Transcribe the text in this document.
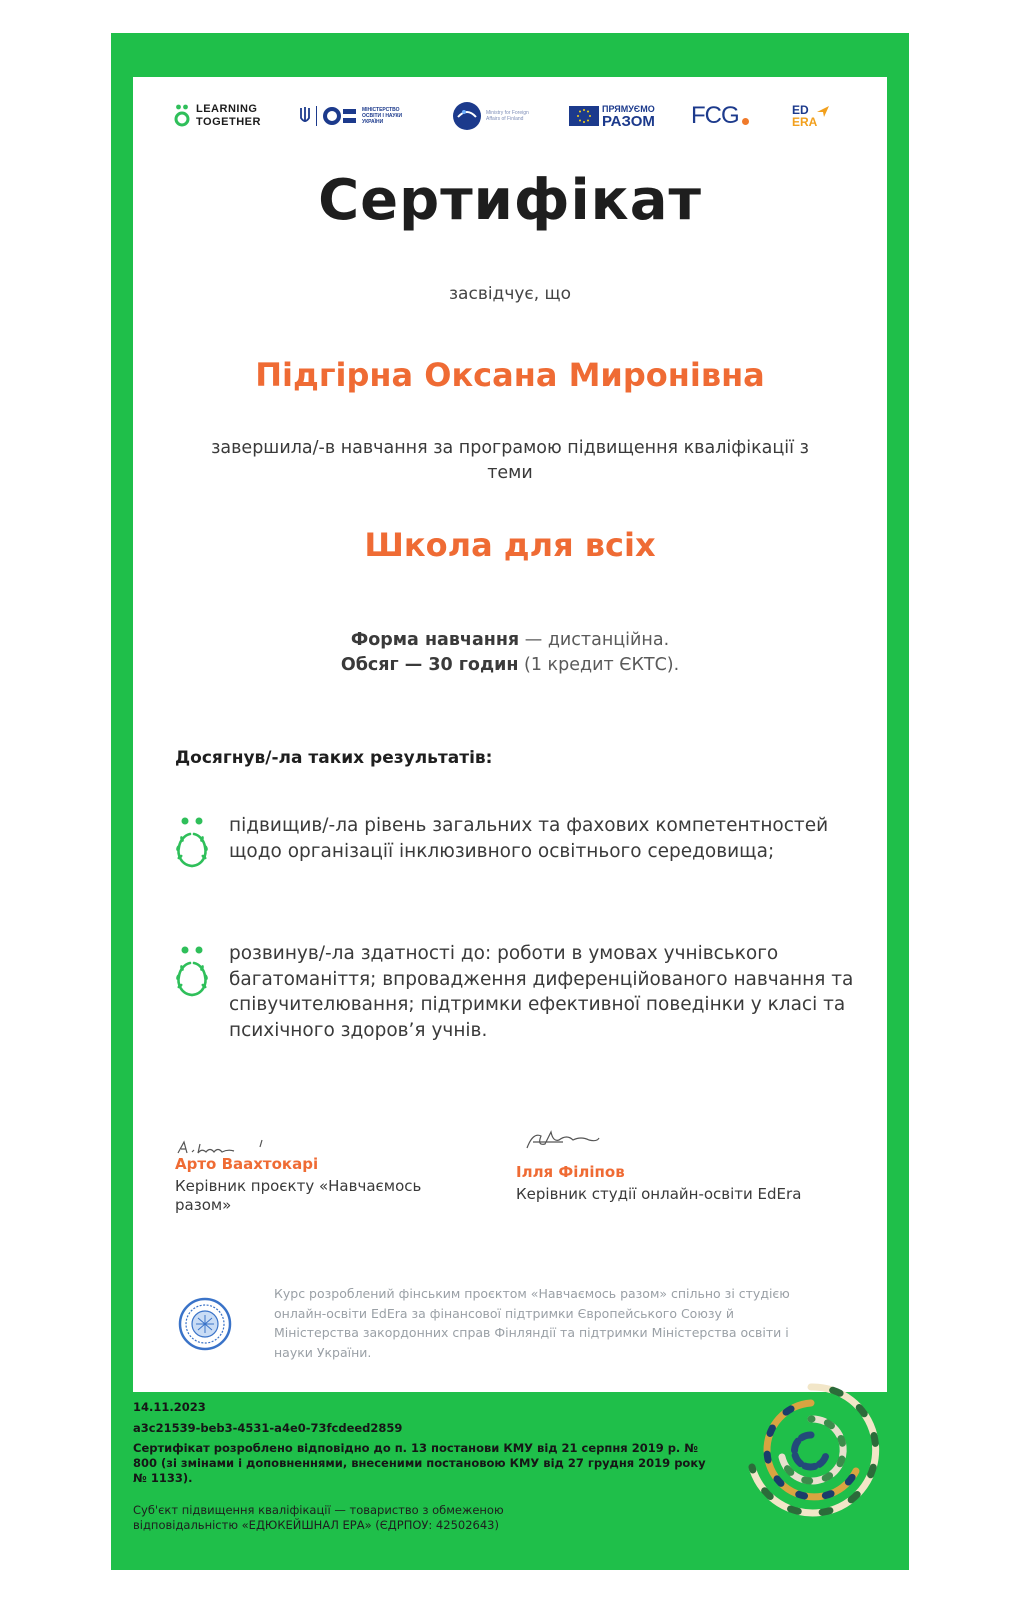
LEARNING
TOGETHER
МІНІСТЕРСТВО
ОСВІТИ І НАУКИ
УКРАЇНИ
Ministry for Foreign
Affairs of Finland
ПРЯМУЄМО
РАЗОМ FCG	ED
ERA
Сертифікат
засвідчує, що
Підгірна Оксана Миронівна
завершила/-в навчання за програмою підвищення кваліфікації з теми
Школа для всіх
Форма навчання — дистанційна.
Обсяг — 30 годин (1 кредит ЄКТС).
Досягнув/-ла таких результатів:
підвищив/-ла рівень загальних та фахових компетентностей щодо організації інклюзивного освітнього середовища;
розвинув/-ла здатності до: роботи в умовах учнівського багатоманіття; впровадження диференційованого навчання та співучителювання; підтримки ефективної поведінки у класі та психічного здоров’я учнів.
Арто Ваахтокарі
Керівник проєкту «Навчаємось разом»
Ілля Філіпов
Керівник студії онлайн-освіти EdEra
Курс розроблений фінським проєктом «Навчаємось разом» спільно зі студією онлайн-освіти EdEra за фінансової підтримки Європейського Союзу й Міністерства закордонних справ Фінляндії та підтримки Міністерства освіти і науки України.
14.11.2023
a3c21539-beb3-4531-a4e0-73fcdeed2859
Сертифікат розроблено відповідно до п. 13 постанови КМУ від 21 серпня 2019 р. № 800 (зі змінами і доповненнями, внесеними постановою КМУ від 27 грудня 2019 року № 1133).
Суб'єкт підвищення кваліфікації — товариство з обмеженою відповідальністю «ЕДЮКЕЙШНАЛ ЕРА» (ЄДРПОУ: 42502643)
